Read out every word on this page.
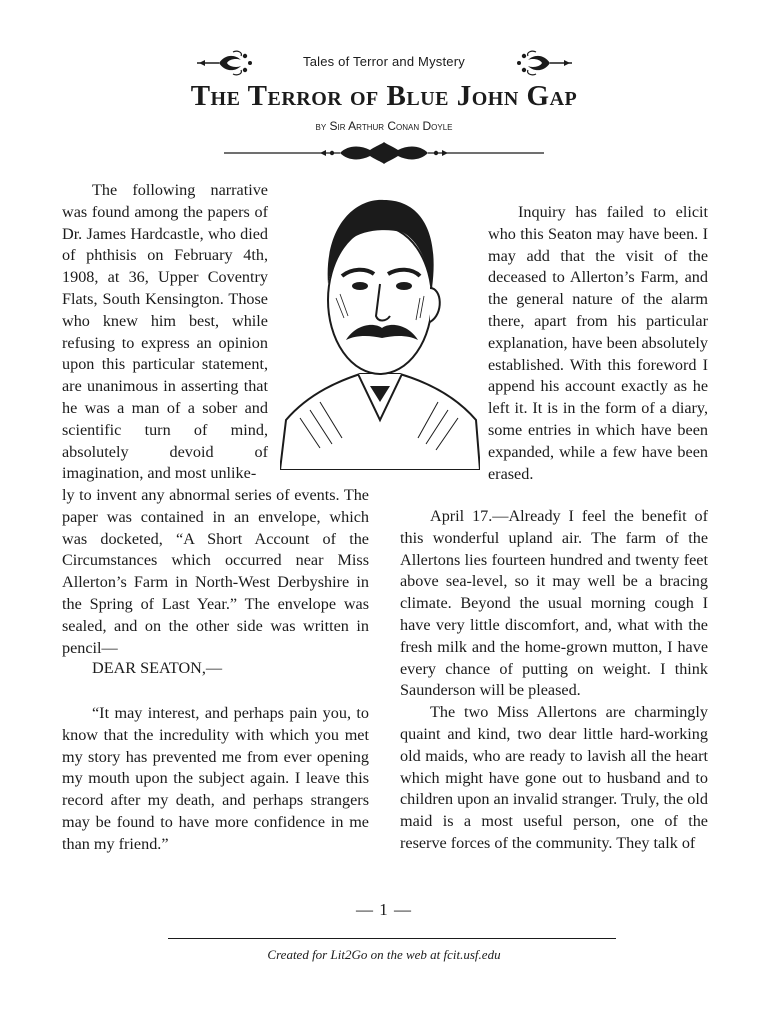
Tales of Terror and Mystery
The Terror of Blue John Gap
by Sir Arthur Conan Doyle

The following narrative was found among the papers of Dr. James Hardcastle, who died of phthisis on February 4th, 1908, at 36, Upper Coventry Flats, South Kensington. Those who knew him best, while refusing to express an opinion upon this particular statement, are unanimous in asserting that he was a man of a sober and scientific turn of mind, absolutely devoid of imagination, and most unlike-

ly to invent any abnormal series of events. The paper was contained in an envelope, which was docketed, “A Short Account of the Circumstances which occurred near Miss Allerton’s Farm in North-West Derbyshire in the Spring of Last Year.” The envelope was sealed, and on the other side was written in pencil—

DEAR SEATON,—

“It may interest, and perhaps pain you, to know that the incredulity with which you met my story has prevented me from ever opening my mouth upon the subject again. I leave this record after my death, and perhaps strangers may be found to have more confidence in me than my friend.”

Inquiry has failed to elicit who this Seaton may have been. I may add that the visit of the deceased to Allerton’s Farm, and the general nature of the alarm there, apart from his particular explanation, have been absolutely established. With this foreword I append his account exactly as he left it. It is in the form of a diary, some entries in which have been expanded, while a few have been erased.

April 17.—Already I feel the benefit of this wonderful upland air. The farm of the Allertons lies fourteen hundred and twenty feet above sea-level, so it may well be a bracing climate. Beyond the usual morning cough I have very little discomfort, and, what with the fresh milk and the home-grown mutton, I have every chance of putting on weight. I think Saunderson will be pleased.

The two Miss Allertons are charmingly quaint and kind, two dear little hard-working old maids, who are ready to lavish all the heart which might have gone out to husband and to children upon an invalid stranger. Truly, the old maid is a most useful person, one of the reserve forces of the community. They talk of

— 1 —
Created for Lit2Go on the web at fcit.usf.edu
